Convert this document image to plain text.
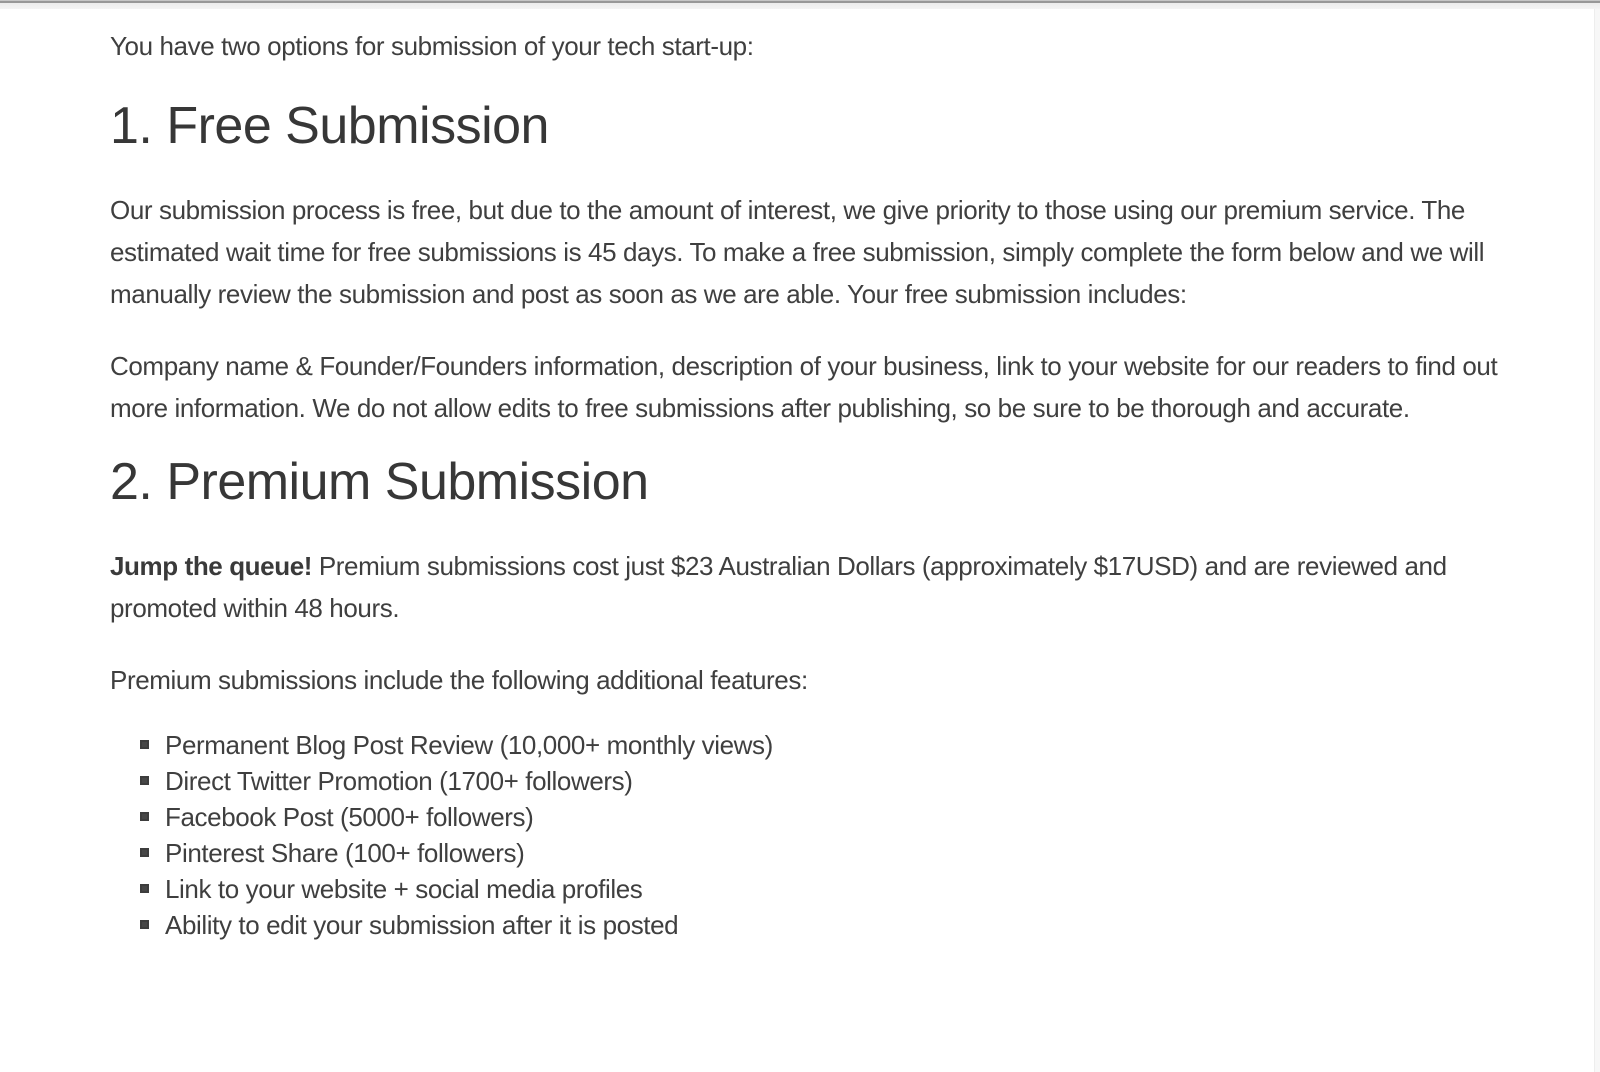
You have two options for submission of your tech start-up:

1. Free Submission

Our submission process is free, but due to the amount of interest, we give priority to those using our premium service. The estimated wait time for free submissions is 45 days. To make a free submission, simply complete the form below and we will manually review the submission and post as soon as we are able. Your free submission includes:

Company name & Founder/Founders information, description of your business, link to your website for our readers to find out more information. We do not allow edits to free submissions after publishing, so be sure to be thorough and accurate.

2. Premium Submission

Jump the queue! Premium submissions cost just $23 Australian Dollars (approximately $17USD) and are reviewed and promoted within 48 hours.

Premium submissions include the following additional features:

Permanent Blog Post Review (10,000+ monthly views)
Direct Twitter Promotion (1700+ followers)
Facebook Post (5000+ followers)
Pinterest Share (100+ followers)
Link to your website + social media profiles
Ability to edit your submission after it is posted
